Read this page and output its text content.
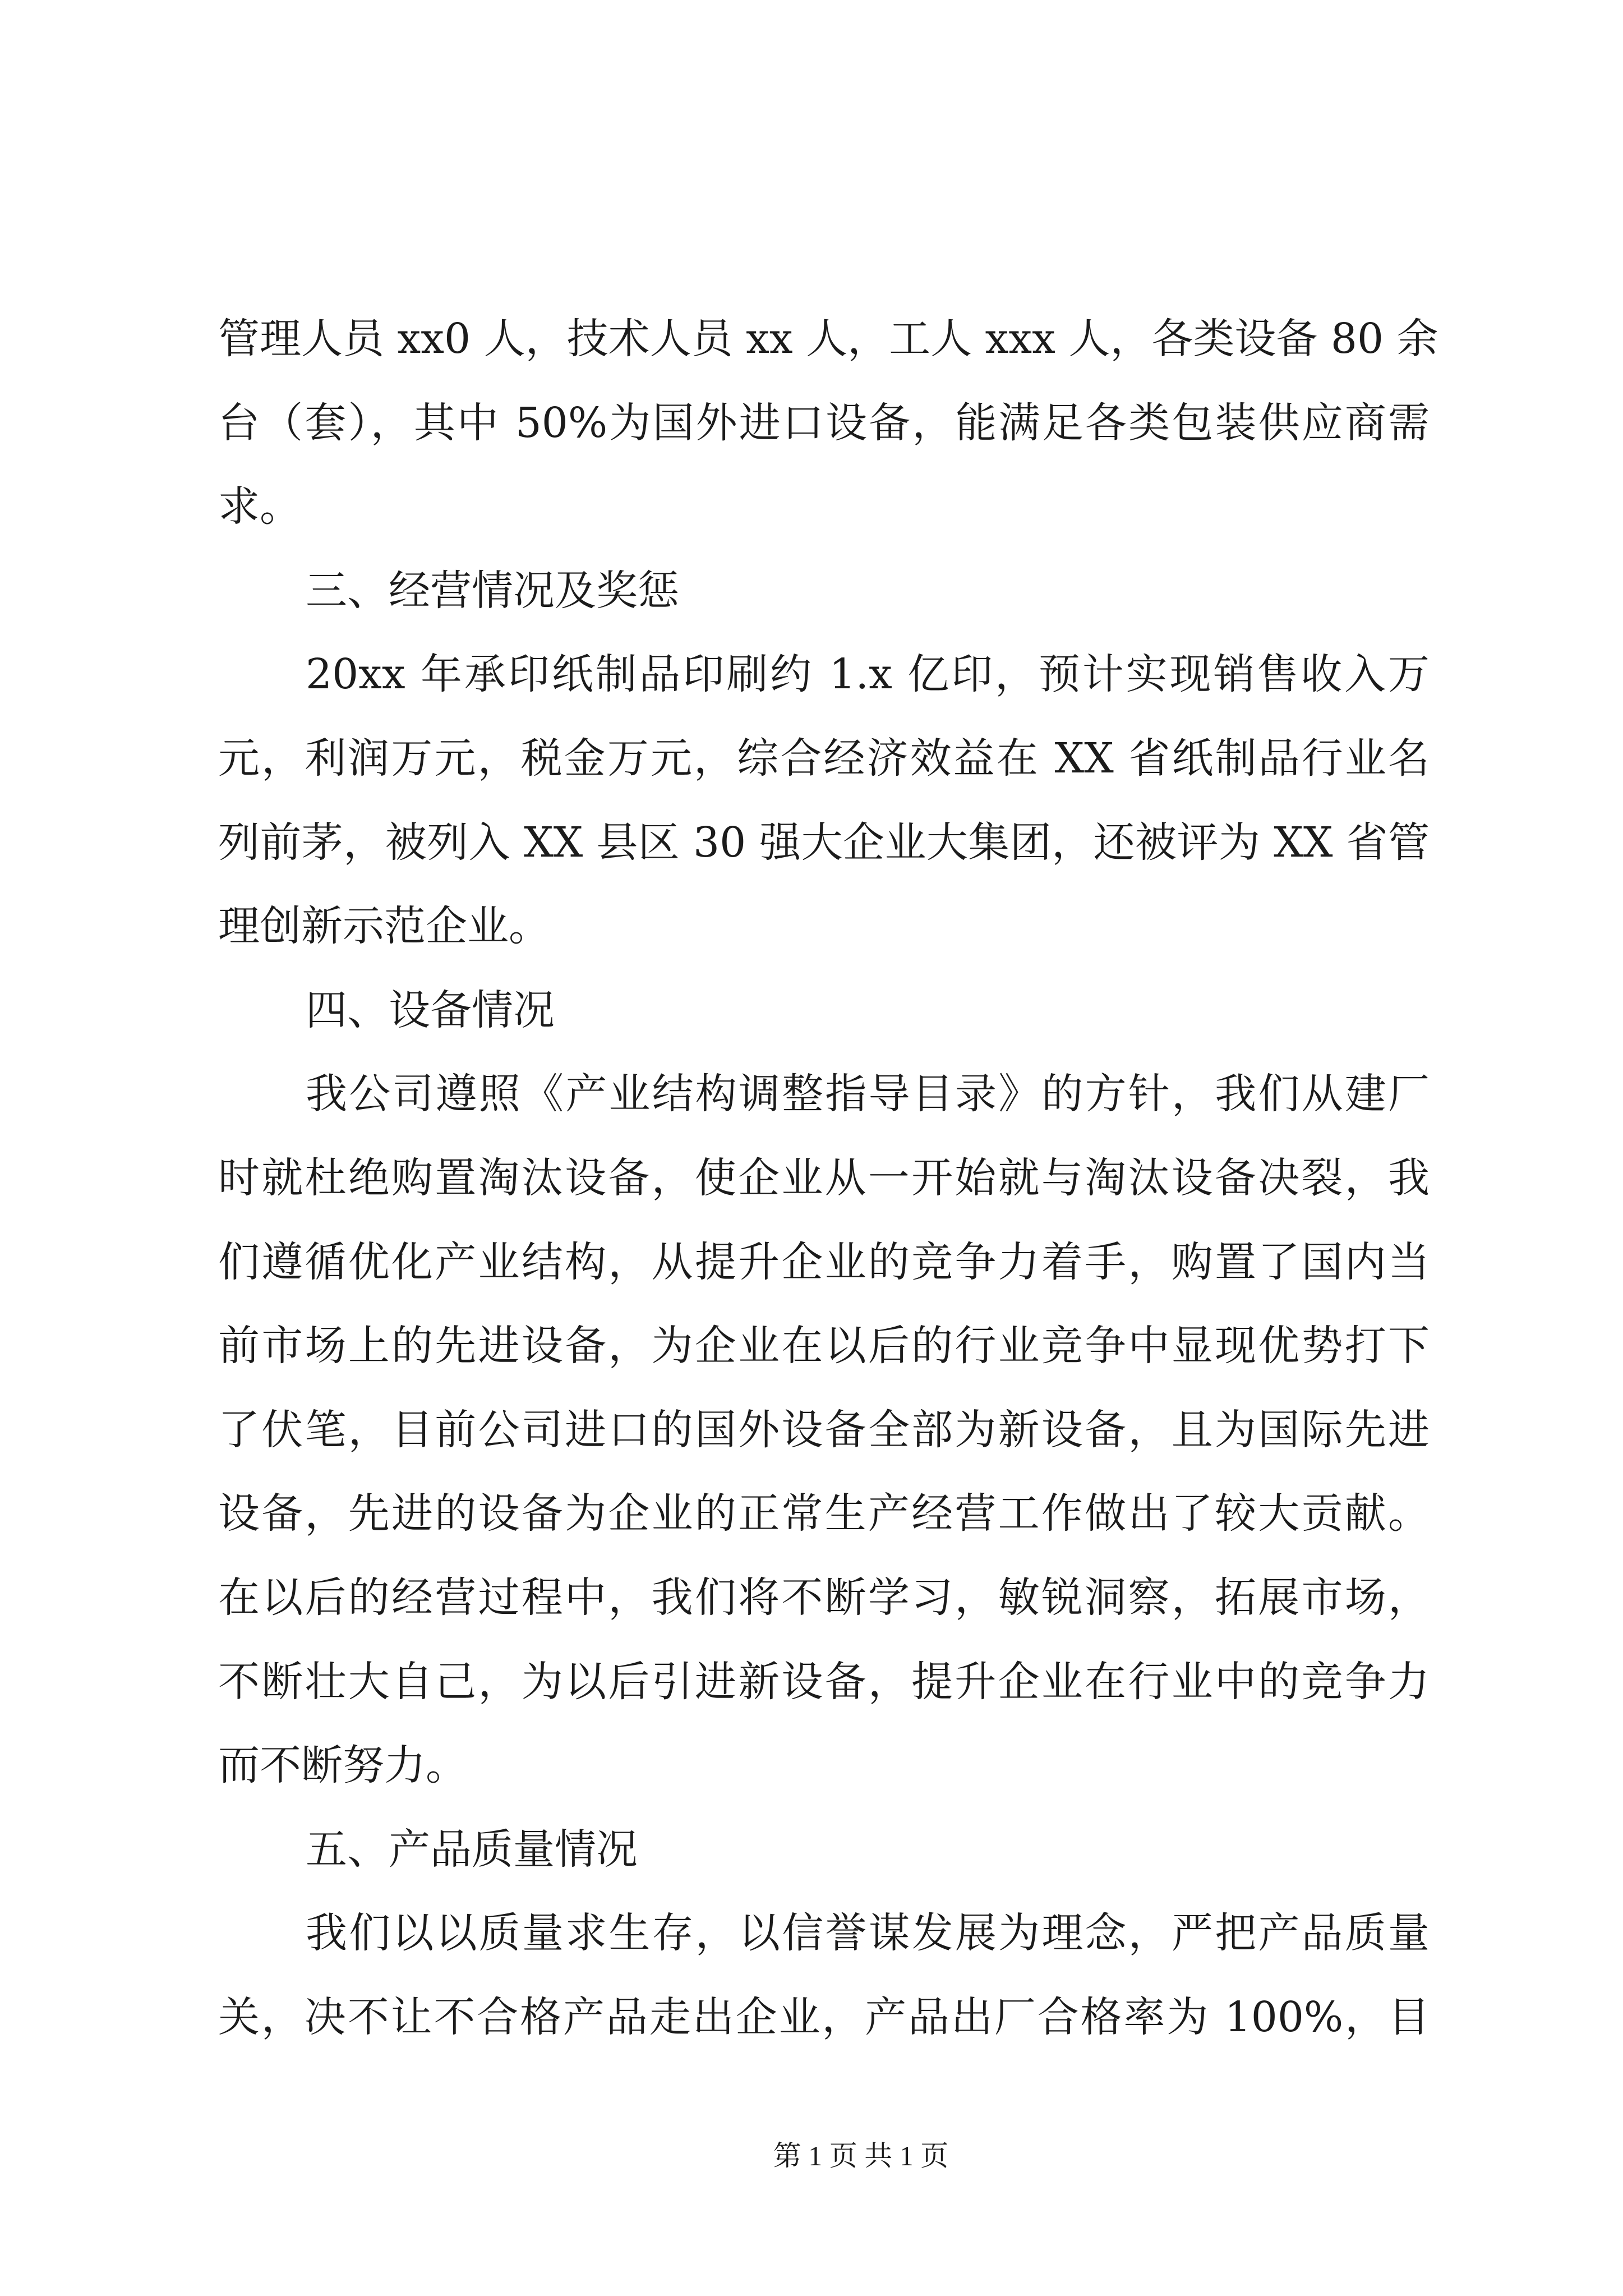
管理人员 xx0 人，技术人员 xx 人，工人 xxx 人，各类设备 80 余
台（套），其中 50%为国外进口设备，能满足各类包装供应商需
求。
三、经营情况及奖惩
20xx 年承印纸制品印刷约 1.x 亿印，预计实现销售收入万
元，利润万元，税金万元，综合经济效益在 XX 省纸制品行业名
列前茅，被列入 XX 县区 30 强大企业大集团，还被评为 XX 省管
理创新示范企业。
四、设备情况
我公司遵照《产业结构调整指导目录》的方针，我们从建厂
时就杜绝购置淘汰设备，使企业从一开始就与淘汰设备决裂，我
们遵循优化产业结构，从提升企业的竞争力着手，购置了国内当
前市场上的先进设备，为企业在以后的行业竞争中显现优势打下
了伏笔，目前公司进口的国外设备全部为新设备，且为国际先进
设备，先进的设备为企业的正常生产经营工作做出了较大贡献。
在以后的经营过程中，我们将不断学习，敏锐洞察，拓展市场，
不断壮大自己，为以后引进新设备，提升企业在行业中的竞争力
而不断努力。
五、产品质量情况
我们以以质量求生存，以信誉谋发展为理念，严把产品质量
关，决不让不合格产品走出企业，产品出厂合格率为 100%，目
第 1 页 共 1 页
